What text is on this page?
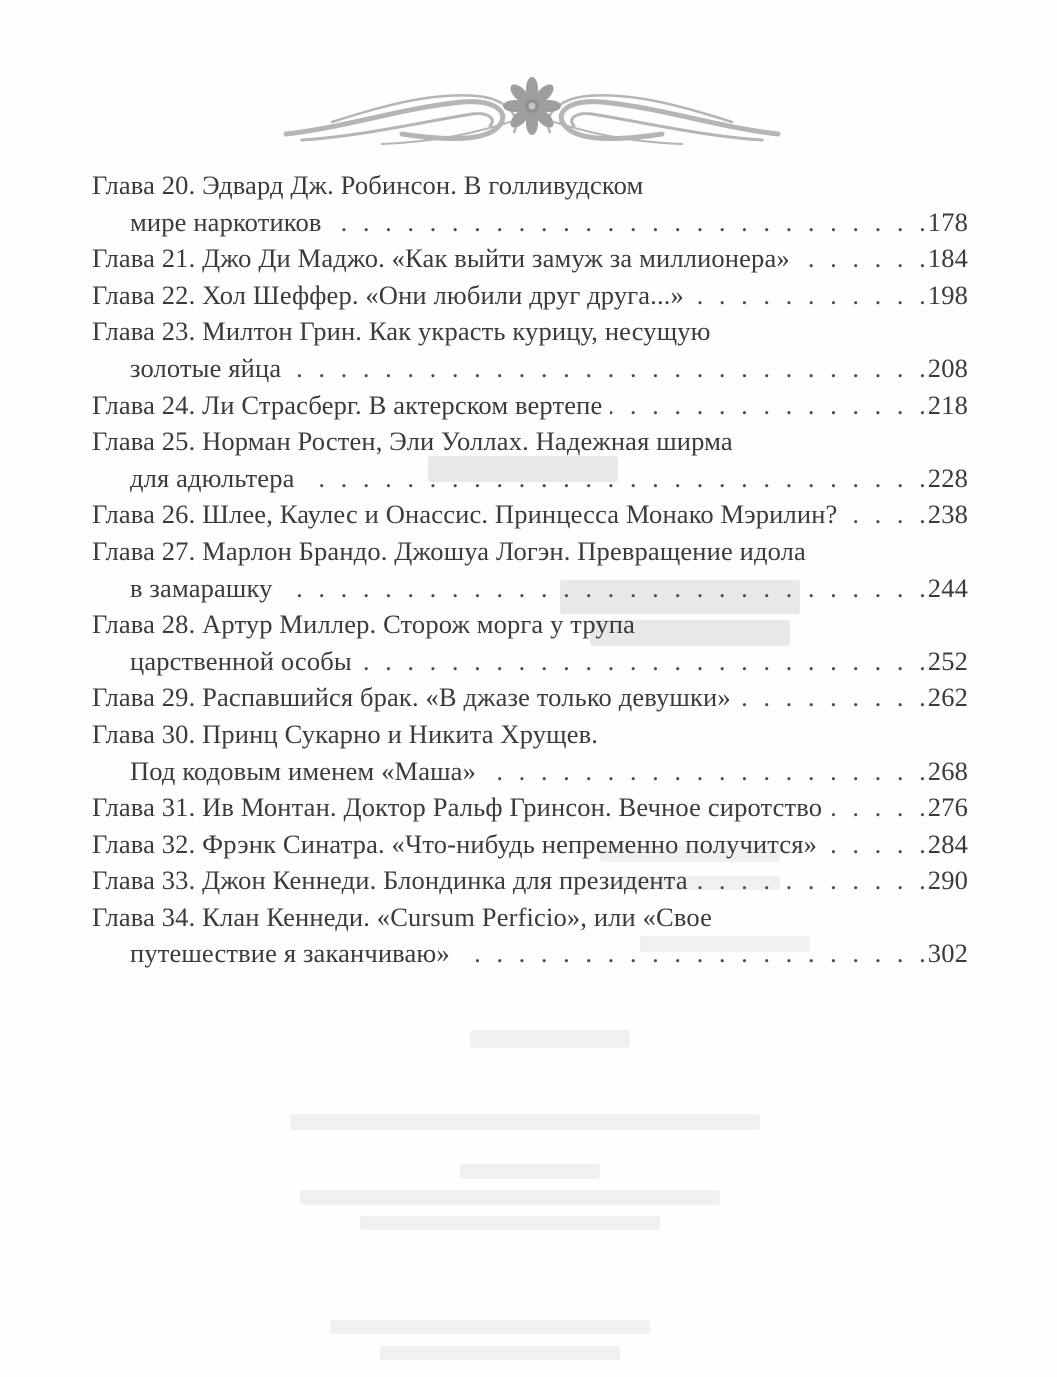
Глава 20. Эдвард Дж. Робинсон. В голливудском
мире наркотиков . . .	178
Глава 21. Джо Ди Маджо. «Как выйти замуж за миллионера» . . .	184
Глава 22. Хол Шеффер. «Они любили друг друга...» . . .	198
Глава 23. Милтон Грин. Как украсть курицу, несущую
золотые яйца . . .	208
Глава 24. Ли Страсберг. В актерском вертепе . . .	218
Глава 25. Норман Ростен, Эли Уоллах. Надежная ширма
для адюльтера . . .	228
Глава 26. Шлее, Каулес и Онассис. Принцесса Монако Мэрилин? . . .	238
Глава 27. Марлон Брандо. Джошуа Логэн. Превращение идола
в замарашку . . .	244
Глава 28. Артур Миллер. Сторож морга у трупа
царственной особы . . .	252
Глава 29. Распавшийся брак. «В джазе только девушки» . . .	262
Глава 30. Принц Сукарно и Никита Хрущев.
Под кодовым именем «Маша» . . .	268
Глава 31. Ив Монтан. Доктор Ральф Гринсон. Вечное сиротство . . .	276
Глава 32. Фрэнк Синатра. «Что-нибудь непременно получится» . . .	284
Глава 33. Джон Кеннеди. Блондинка для президента . . .	290
Глава 34. Клан Кеннеди. «Cursum Perficio», или «Свое
путешествие я заканчиваю» . . .	302
